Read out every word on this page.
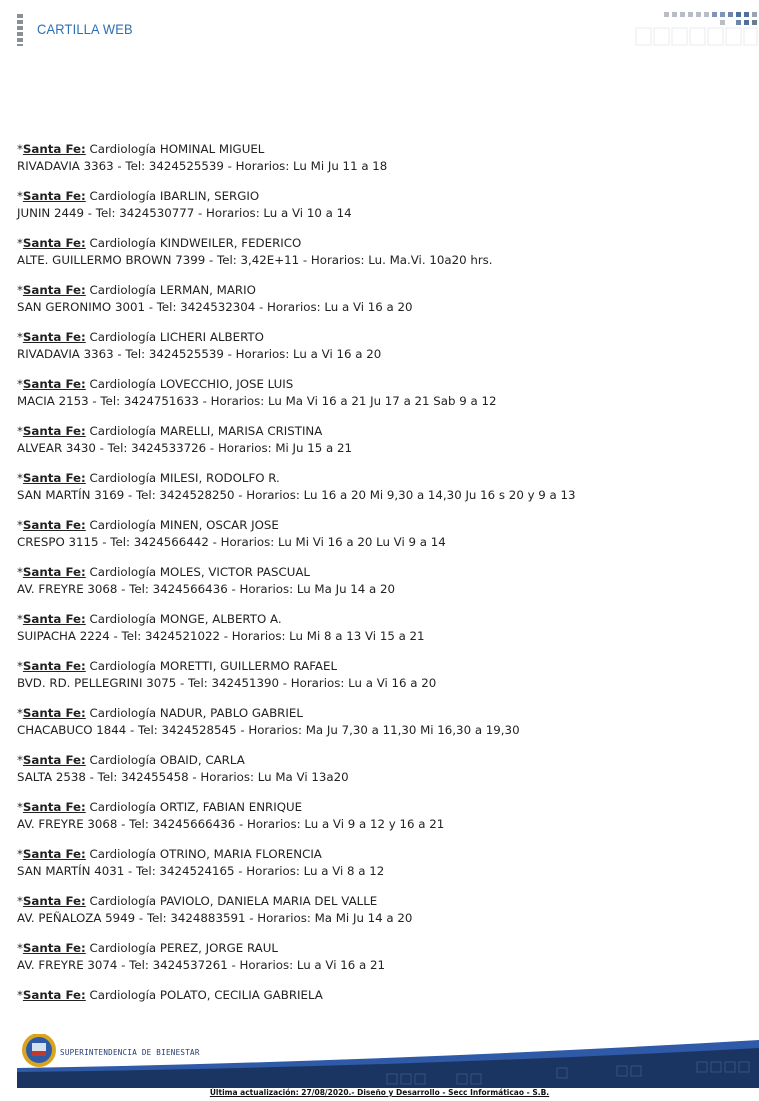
CARTILLA WEB
*Santa Fe: Cardiología HOMINAL MIGUEL
RIVADAVIA 3363 - Tel: 3424525539 - Horarios: Lu Mi Ju 11 a 18
*Santa Fe: Cardiología IBARLIN, SERGIO
JUNIN 2449 - Tel: 3424530777 - Horarios: Lu a Vi 10 a 14
*Santa Fe: Cardiología KINDWEILER, FEDERICO
ALTE. GUILLERMO BROWN 7399 - Tel: 3,42E+11 - Horarios: Lu. Ma.Vi. 10a20 hrs.
*Santa Fe: Cardiología LERMAN, MARIO
SAN GERONIMO 3001 - Tel: 3424532304 - Horarios: Lu a Vi 16 a 20
*Santa Fe: Cardiología LICHERI ALBERTO
RIVADAVIA 3363 - Tel: 3424525539 - Horarios: Lu a Vi 16 a 20
*Santa Fe: Cardiología LOVECCHIO, JOSE LUIS
MACIA 2153 - Tel: 3424751633 - Horarios: Lu Ma Vi 16 a 21 Ju 17 a 21 Sab 9 a 12
*Santa Fe: Cardiología MARELLI, MARISA CRISTINA
ALVEAR 3430 - Tel: 3424533726 - Horarios: Mi Ju 15 a 21
*Santa Fe: Cardiología MILESI, RODOLFO R.
SAN MARTÍN 3169 - Tel: 3424528250 - Horarios: Lu 16 a 20 Mi 9,30 a 14,30 Ju 16 s 20 y 9 a 13
*Santa Fe: Cardiología MINEN, OSCAR JOSE
CRESPO 3115 - Tel: 3424566442 - Horarios: Lu Mi Vi 16 a 20 Lu Vi 9 a 14
*Santa Fe: Cardiología MOLES, VICTOR PASCUAL
AV. FREYRE 3068 - Tel: 3424566436 - Horarios: Lu Ma Ju 14 a 20
*Santa Fe: Cardiología MONGE, ALBERTO A.
SUIPACHA 2224 - Tel: 3424521022 - Horarios: Lu Mi 8 a 13 Vi 15 a 21
*Santa Fe: Cardiología MORETTI, GUILLERMO RAFAEL
BVD. RD. PELLEGRINI 3075 - Tel: 342451390 - Horarios: Lu a Vi 16 a 20
*Santa Fe: Cardiología NADUR, PABLO GABRIEL
CHACABUCO 1844 - Tel: 3424528545 - Horarios: Ma Ju 7,30 a 11,30 Mi 16,30 a 19,30
*Santa Fe: Cardiología OBAID, CARLA
SALTA 2538 - Tel: 342455458 - Horarios: Lu Ma Vi 13a20
*Santa Fe: Cardiología ORTIZ, FABIAN ENRIQUE
AV. FREYRE 3068 - Tel: 34245666436 - Horarios: Lu a Vi 9 a 12 y 16 a 21
*Santa Fe: Cardiología OTRINO, MARIA FLORENCIA
SAN MARTÍN 4031 - Tel: 3424524165 - Horarios: Lu a Vi 8 a 12
*Santa Fe: Cardiología PAVIOLO, DANIELA MARIA DEL VALLE
AV. PEÑALOZA 5949 - Tel: 3424883591 - Horarios: Ma Mi Ju 14 a 20
*Santa Fe: Cardiología PEREZ, JORGE RAUL
AV. FREYRE 3074 - Tel: 3424537261 - Horarios: Lu a Vi 16 a 21
*Santa Fe: Cardiología POLATO, CECILIA GABRIELA
SUPERINTENDENCIA DE BIENESTAR
Última actualización: 27/08/2020.- Diseño y Desarrollo - Secc Informáticao - S.B.
